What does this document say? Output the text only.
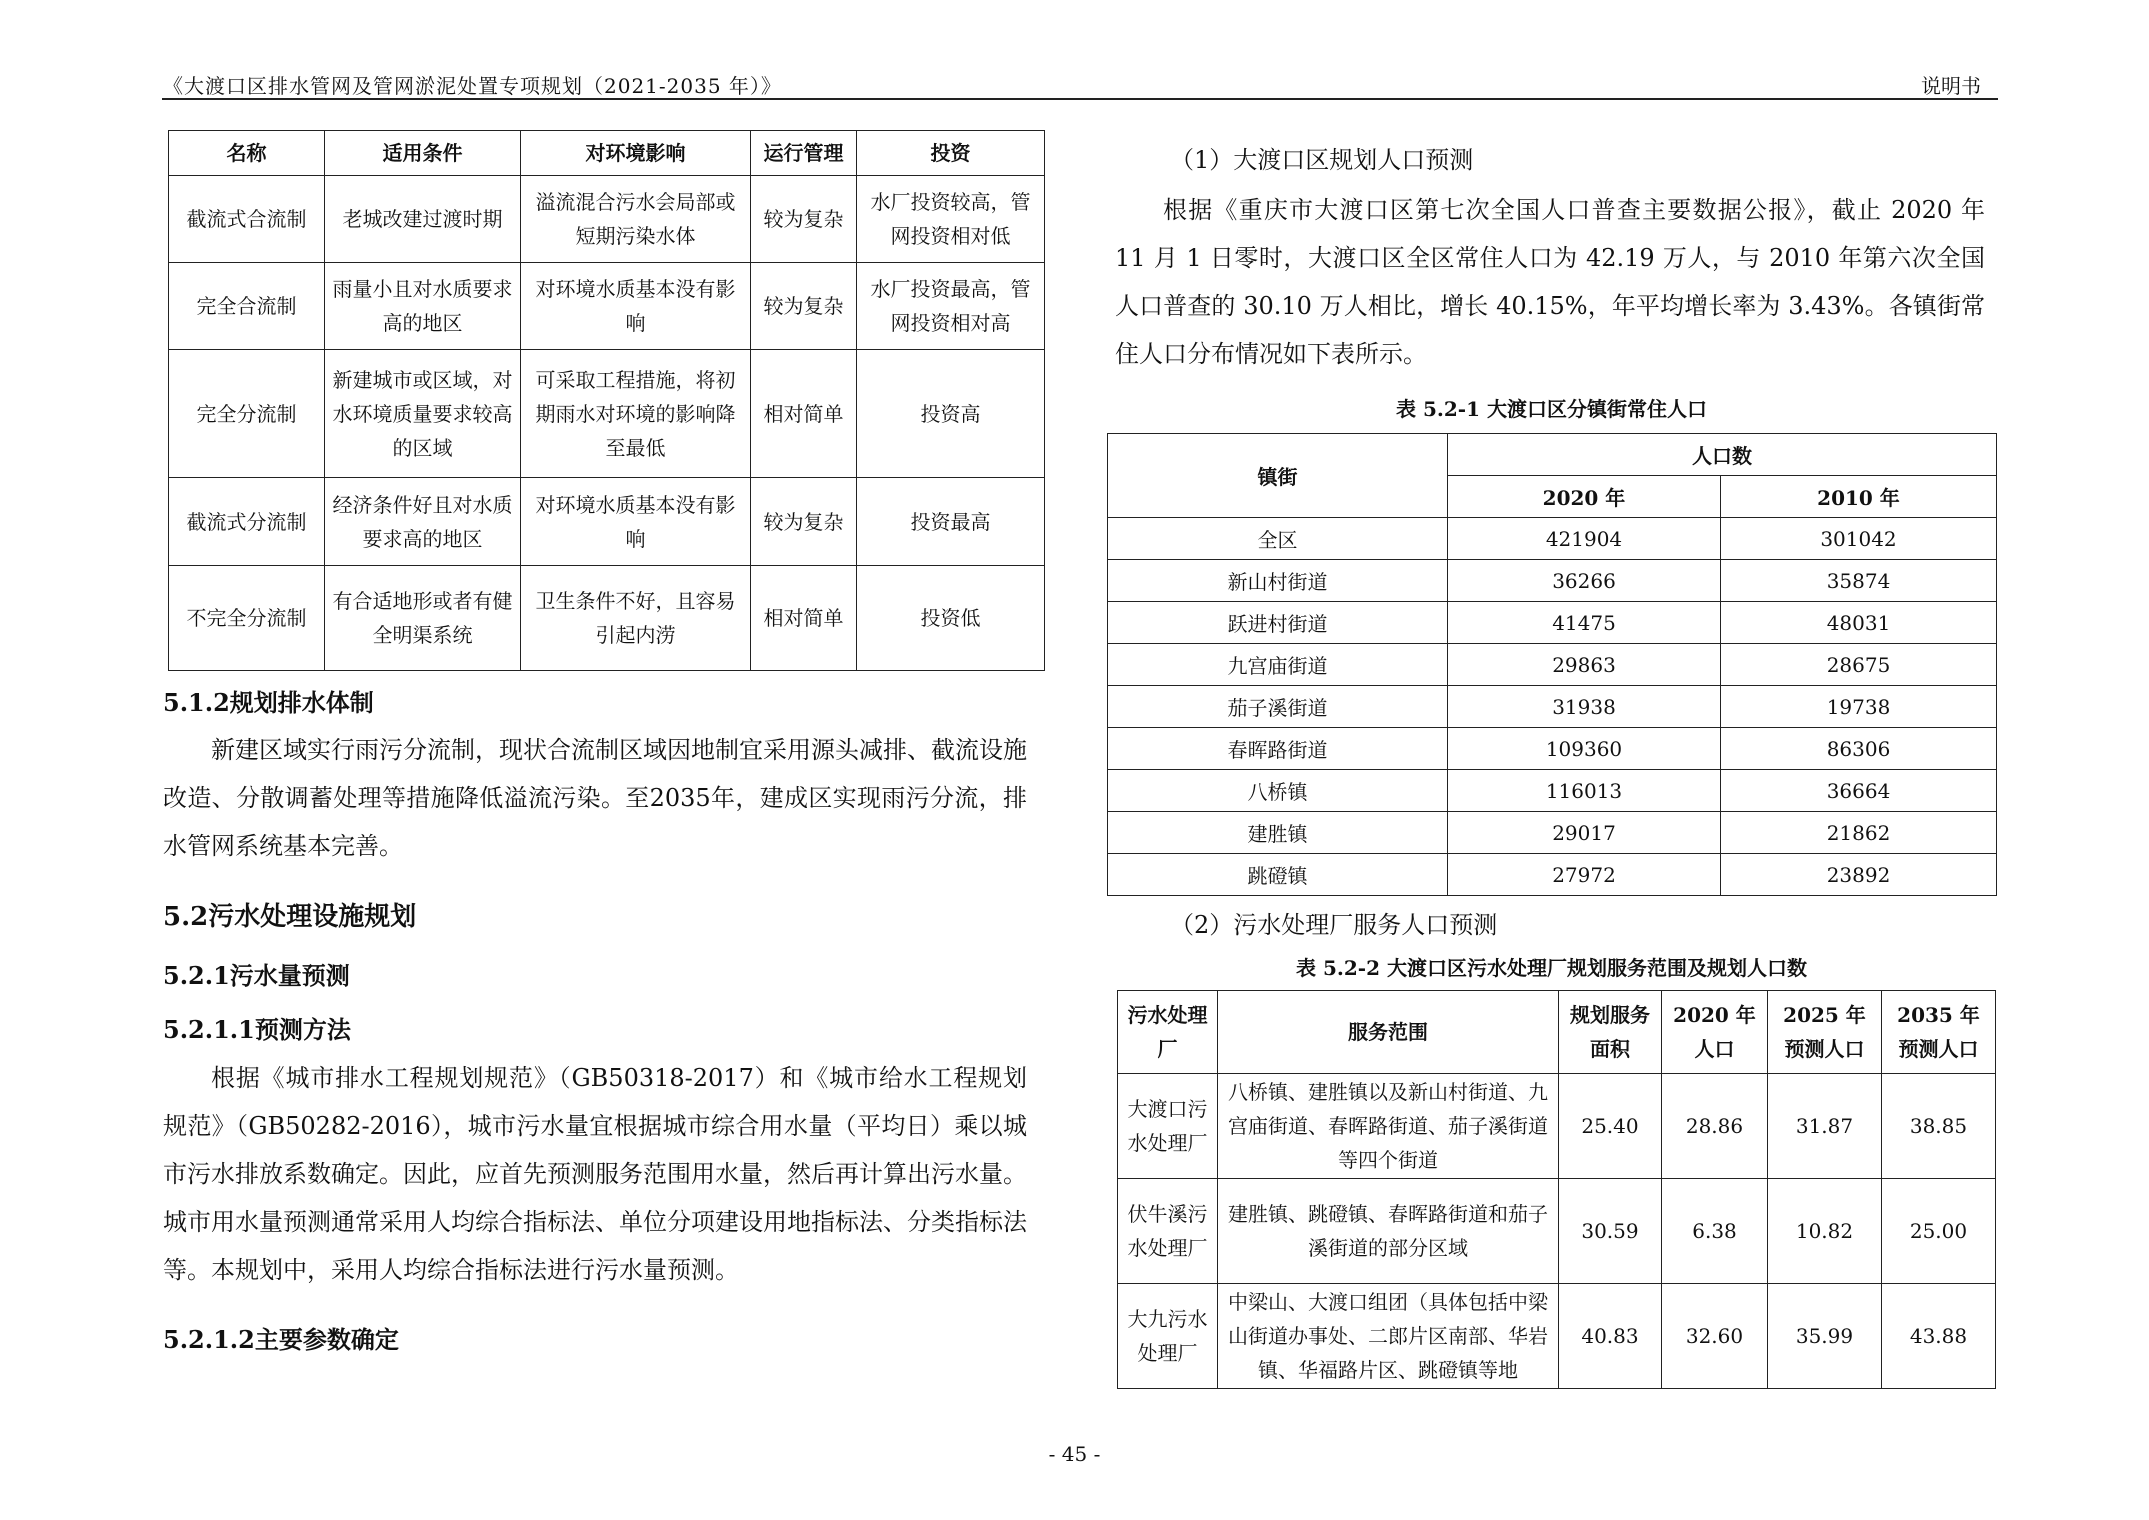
《大渡口区排水管网及管网淤泥处置专项规划（2021-2035 年）》	说明书
名称	适用条件	对环境影响	运行管理	投资
截流式合流制	老城改建过渡时期	溢流混合污水会局部或短期污染水体	较为复杂	水厂投资较高，管网投资相对低
完全合流制	雨量小且对水质要求高的地区	对环境水质基本没有影响	较为复杂	水厂投资最高，管网投资相对高
完全分流制	新建城市或区域，对水环境质量要求较高的区域	可采取工程措施，将初期雨水对环境的影响降至最低	相对简单	投资高
截流式分流制	经济条件好且对水质要求高的地区	对环境水质基本没有影响	较为复杂	投资最高
不完全分流制	有合适地形或者有健全明渠系统	卫生条件不好，且容易引起内涝	相对简单	投资低
5.1.2规划排水体制
新建区域实行雨污分流制，现状合流制区域因地制宜采用源头减排、截流设施改造、分散调蓄处理等措施降低溢流污染。至2035年，建成区实现雨污分流，排水管网系统基本完善。
5.2污水处理设施规划
5.2.1污水量预测
5.2.1.1预测方法
根据《城市排水工程规划规范》（GB50318-2017）和《城市给水工程规划规范》（GB50282-2016），城市污水量宜根据城市综合用水量（平均日）乘以城市污水排放系数确定。因此，应首先预测服务范围用水量，然后再计算出污水量。城市用水量预测通常采用人均综合指标法、单位分项建设用地指标法、分类指标法等。本规划中，采用人均综合指标法进行污水量预测。
5.2.1.2主要参数确定
（1）大渡口区规划人口预测
根据《重庆市大渡口区第七次全国人口普查主要数据公报》，截止 2020 年 11 月 1 日零时，大渡口区全区常住人口为 42.19 万人，与 2010 年第六次全国人口普查的 30.10 万人相比，增长 40.15%，年平均增长率为 3.43%。各镇街常住人口分布情况如下表所示。
表 5.2-1 大渡口区分镇街常住人口
镇街	人口数	
	2020 年	2010 年
全区	421904	301042
新山村街道	36266	35874
跃进村街道	41475	48031
九宫庙街道	29863	28675
茄子溪街道	31938	19738
春晖路街道	109360	86306
八桥镇	116013	36664
建胜镇	29017	21862
跳磴镇	27972	23892
（2）污水处理厂服务人口预测
表 5.2-2 大渡口区污水处理厂规划服务范围及规划人口数
污水处理厂	服务范围	规划服务面积	2020 年人口	2025 年预测人口	2035 年预测人口
大渡口污水处理厂	八桥镇、建胜镇以及新山村街道、九宫庙街道、春晖路街道、茄子溪街道等四个街道	25.40	28.86	31.87	38.85
伏牛溪污水处理厂	建胜镇、跳磴镇、春晖路街道和茄子溪街道的部分区域	30.59	6.38	10.82	25.00
大九污水处理厂	中梁山、大渡口组团（具体包括中梁山街道办事处、二郎片区南部、华岩镇、华福路片区、跳磴镇等地	40.83	32.60	35.99	43.88
- 45 -
